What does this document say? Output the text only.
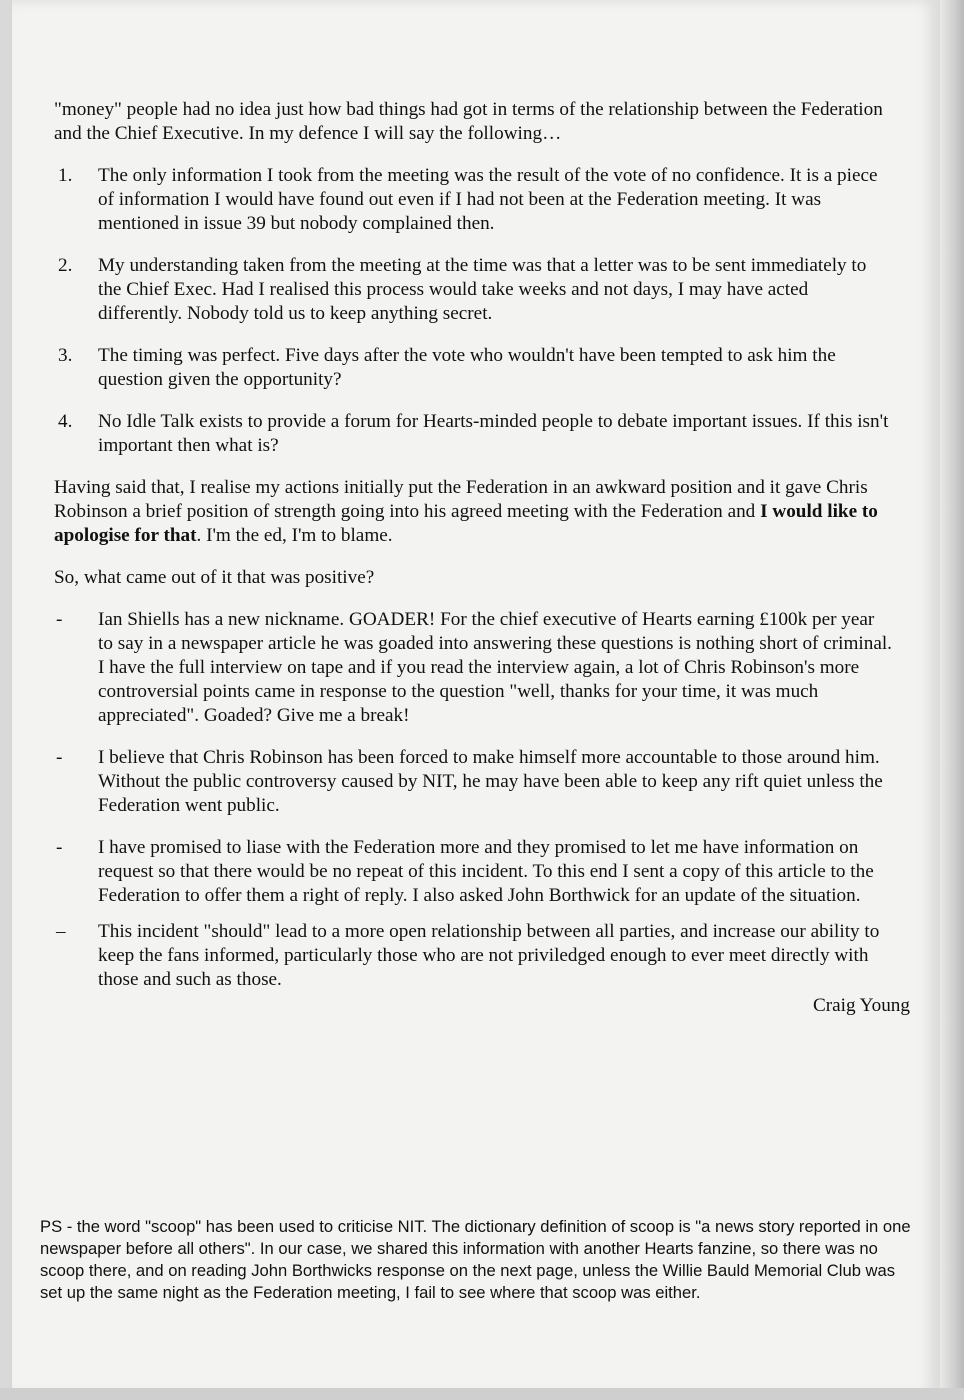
"money" people had no idea just how bad things had got in terms of the relationship between the Federation and the Chief Executive. In my defence I will say the following…

1. The only information I took from the meeting was the result of the vote of no confidence. It is a piece of information I would have found out even if I had not been at the Federation meeting. It was mentioned in issue 39 but nobody complained then.

2. My understanding taken from the meeting at the time was that a letter was to be sent immediately to the Chief Exec. Had I realised this process would take weeks and not days, I may have acted differently. Nobody told us to keep anything secret.

3. The timing was perfect. Five days after the vote who wouldn't have been tempted to ask him the question given the opportunity?

4. No Idle Talk exists to provide a forum for Hearts-minded people to debate important issues. If this isn't important then what is?

Having said that, I realise my actions initially put the Federation in an awkward position and it gave Chris Robinson a brief position of strength going into his agreed meeting with the Federation and I would like to apologise for that. I'm the ed, I'm to blame.

So, what came out of it that was positive?

- Ian Shiells has a new nickname. GOADER! For the chief executive of Hearts earning £100k per year to say in a newspaper article he was goaded into answering these questions is nothing short of criminal. I have the full interview on tape and if you read the interview again, a lot of Chris Robinson's more controversial points came in response to the question "well, thanks for your time, it was much appreciated". Goaded? Give me a break!

- I believe that Chris Robinson has been forced to make himself more accountable to those around him. Without the public controversy caused by NIT, he may have been able to keep any rift quiet unless the Federation went public.

- I have promised to liase with the Federation more and they promised to let me have information on request so that there would be no repeat of this incident. To this end I sent a copy of this article to the Federation to offer them a right of reply. I also asked John Borthwick for an update of the situation.

– This incident "should" lead to a more open relationship between all parties, and increase our ability to keep the fans informed, particularly those who are not priviledged enough to ever meet directly with those and such as those.

Craig Young

PS - the word "scoop" has been used to criticise NIT. The dictionary definition of scoop is "a news story reported in one newspaper before all others". In our case, we shared this information with another Hearts fanzine, so there was no scoop there, and on reading John Borthwicks response on the next page, unless the Willie Bauld Memorial Club was set up the same night as the Federation meeting, I fail to see where that scoop was either.
